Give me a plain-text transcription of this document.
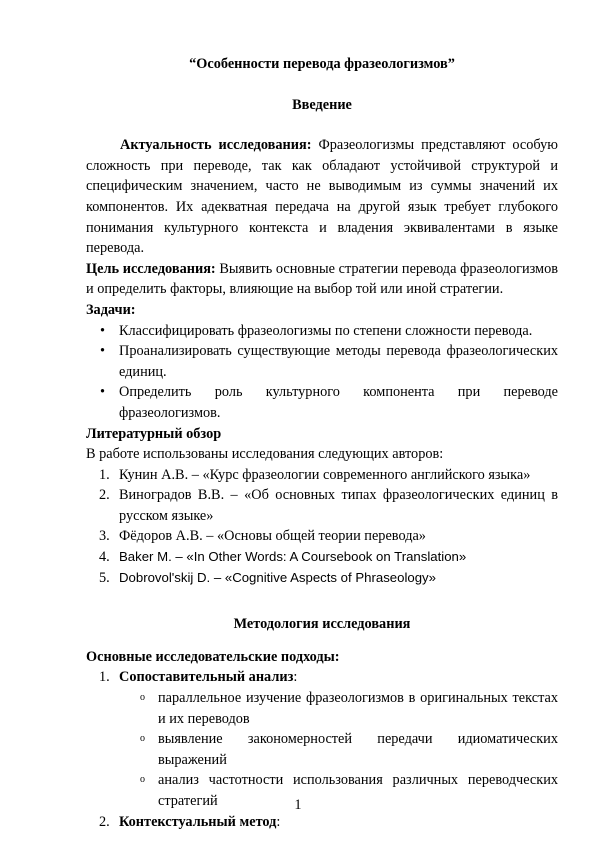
“Особенности перевода фразеологизмов”

Введение

Актуальность исследования: Фразеологизмы представляют особую сложность при переводе, так как обладают устойчивой структурой и специфическим значением, часто не выводимым из суммы значений их компонентов. Их адекватная передача на другой язык требует глубокого понимания культурного контекста и владения эквивалентами в языке перевода.

Цель исследования: Выявить основные стратегии перевода фразеологизмов и определить факторы, влияющие на выбор той или иной стратегии.

Задачи:

• Классифицировать фразеологизмы по степени сложности перевода.
• Проанализировать существующие методы перевода фразеологических единиц.
• Определить роль культурного компонента при переводе фразеологизмов.

Литературный обзор

В работе использованы исследования следующих авторов:

1. Кунин А.В. – «Курс фразеологии современного английского языка»
2. Виноградов В.В. – «Об основных типах фразеологических единиц в русском языке»
3. Фёдоров А.В. – «Основы общей теории перевода»
4. Baker M. – «In Other Words: A Coursebook on Translation»
5. Dobrovol'skij D. – «Cognitive Aspects of Phraseology»

Методология исследования

Основные исследовательские подходы:

1. Сопоставительный анализ:
o параллельное изучение фразеологизмов в оригинальных текстах и их переводов
o выявление закономерностей передачи идиоматических выражений
o анализ частотности использования различных переводческих стратегий
2. Контекстуальный метод:
1
